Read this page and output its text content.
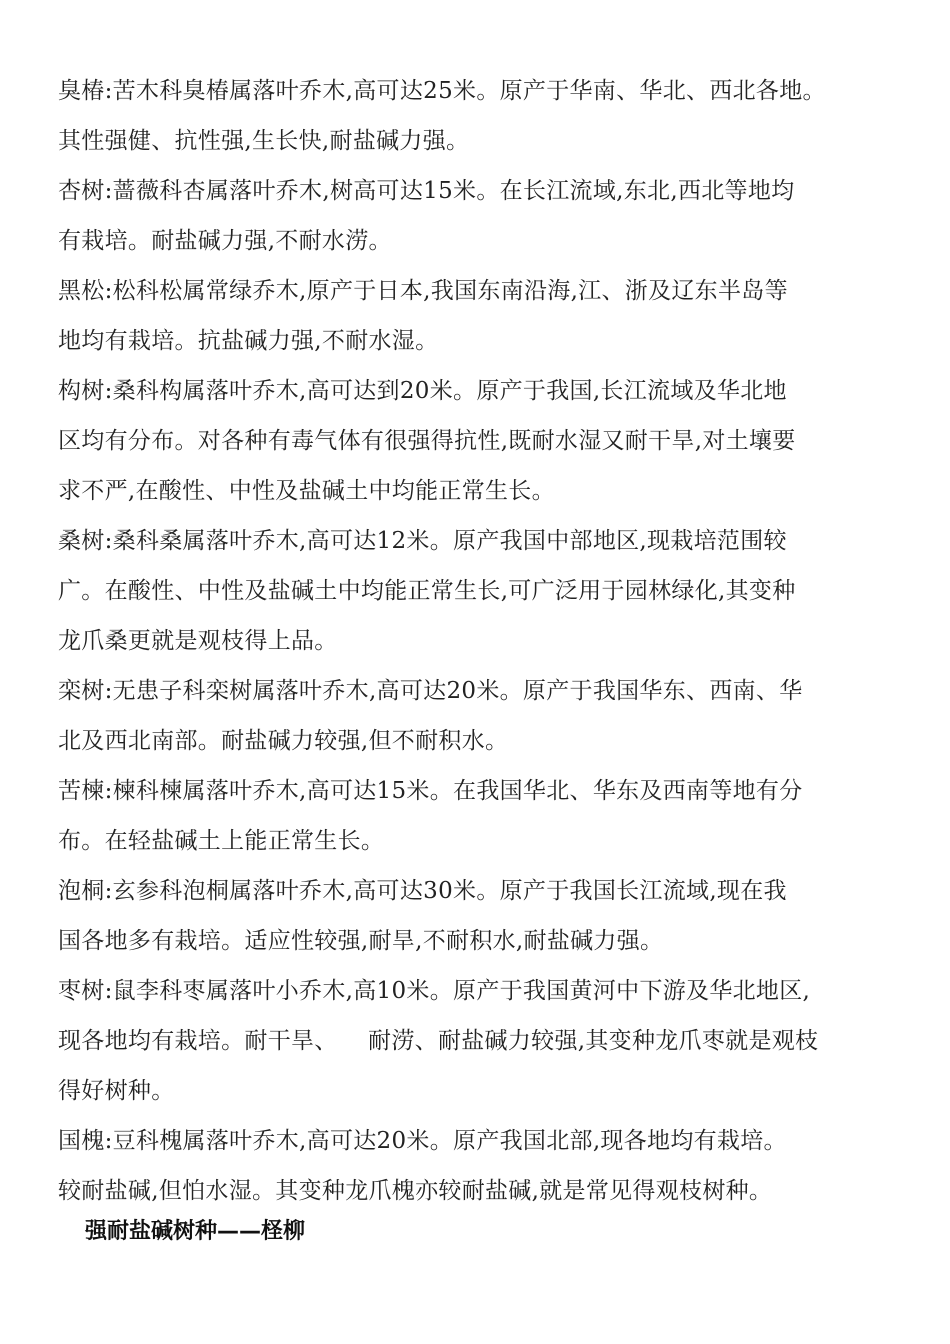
臭椿:苦木科臭椿属落叶乔木,高可达25米。原产于华南、华北、西北各地。
其性强健、抗性强,生长快,耐盐碱力强。
杏树:蔷薇科杏属落叶乔木,树高可达15米。在长江流域,东北,西北等地均
有栽培。耐盐碱力强,不耐水涝。
黑松:松科松属常绿乔木,原产于日本,我国东南沿海,江、浙及辽东半岛等
地均有栽培。抗盐碱力强,不耐水湿。
构树:桑科构属落叶乔木,高可达到20米。原产于我国,长江流域及华北地
区均有分布。对各种有毒气体有很强得抗性,既耐水湿又耐干旱,对土壤要
求不严,在酸性、中性及盐碱土中均能正常生长。
桑树:桑科桑属落叶乔木,高可达12米。原产我国中部地区,现栽培范围较
广。在酸性、中性及盐碱土中均能正常生长,可广泛用于园林绿化,其变种
龙爪桑更就是观枝得上品。
栾树:无患子科栾树属落叶乔木,高可达20米。原产于我国华东、西南、华
北及西北南部。耐盐碱力较强,但不耐积水。
苦楝:楝科楝属落叶乔木,高可达15米。在我国华北、华东及西南等地有分
布。在轻盐碱土上能正常生长。
泡桐:玄参科泡桐属落叶乔木,高可达30米。原产于我国长江流域,现在我
国各地多有栽培。适应性较强,耐旱,不耐积水,耐盐碱力强。
枣树:鼠李科枣属落叶小乔木,高10米。原产于我国黄河中下游及华北地区,
现各地均有栽培。耐干旱、    耐涝、耐盐碱力较强,其变种龙爪枣就是观枝
得好树种。
国槐:豆科槐属落叶乔木,高可达20米。原产我国北部,现各地均有栽培。
较耐盐碱,但怕水湿。其变种龙爪槐亦较耐盐碱,就是常见得观枝树种。
强耐盐碱树种——柽柳
